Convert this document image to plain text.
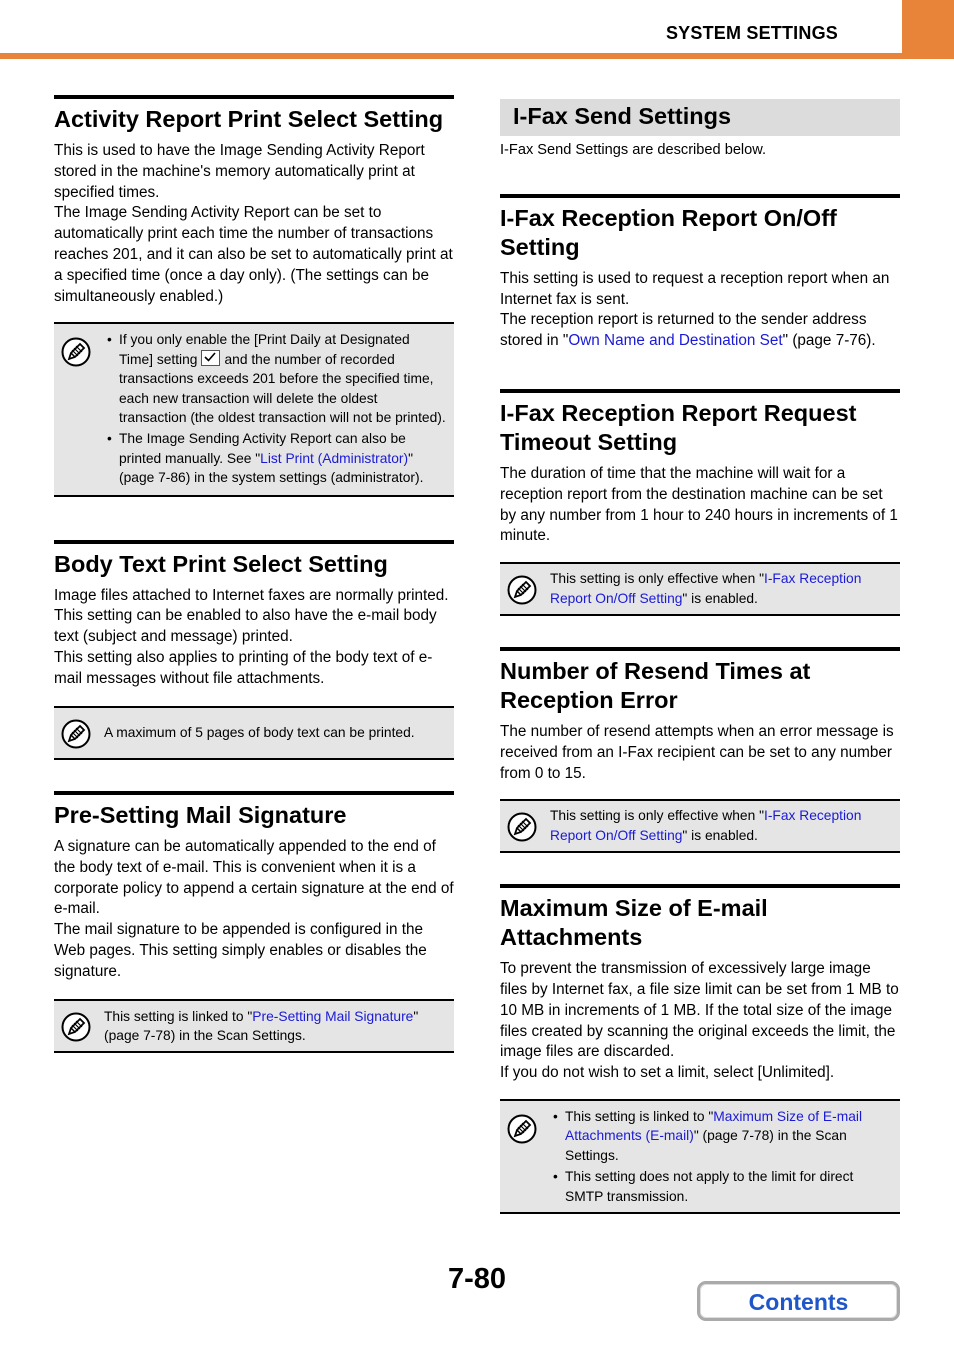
SYSTEM SETTINGS
Activity Report Print Select Setting

This is used to have the Image Sending Activity Report stored in the machine's memory automatically print at specified times.

The Image Sending Activity Report can be set to automatically print each time the number of transactions reaches 201, and it can also be set to automatically print at a specified time (once a day only). (The settings can be simultaneously enabled.)

• If you only enable the [Print Daily at Designated Time] setting and the number of recorded transactions exceeds 201 before the specified time, each new transaction will delete the oldest transaction (the oldest transaction will not be printed).
• The Image Sending Activity Report can also be printed manually. See "List Print (Administrator)" (page 7-86) in the system settings (administrator).
Body Text Print Select Setting

Image files attached to Internet faxes are normally printed. This setting can be enabled to also have the e-mail body text (subject and message) printed.

This setting also applies to printing of the body text of e-mail messages without file attachments.

A maximum of 5 pages of body text can be printed.
Pre-Setting Mail Signature

A signature can be automatically appended to the end of the body text of e-mail. This is convenient when it is a corporate policy to append a certain signature at the end of e-mail.

The mail signature to be appended is configured in the Web pages. This setting simply enables or disables the signature.

This setting is linked to "Pre-Setting Mail Signature" (page 7-78) in the Scan Settings.
I-Fax Send Settings

I-Fax Send Settings are described below.

I-Fax Reception Report On/Off Setting

This setting is used to request a reception report when an Internet fax is sent.

The reception report is returned to the sender address stored in "Own Name and Destination Set" (page 7-76).

I-Fax Reception Report Request Timeout Setting

The duration of time that the machine will wait for a reception report from the destination machine can be set by any number from 1 hour to 240 hours in increments of 1 minute.

This setting is only effective when "I-Fax Reception Report On/Off Setting" is enabled.
Number of Resend Times at Reception Error

The number of resend attempts when an error message is received from an I-Fax recipient can be set to any number from 0 to 15.

This setting is only effective when "I-Fax Reception Report On/Off Setting" is enabled.
Maximum Size of E-mail Attachments

To prevent the transmission of excessively large image files by Internet fax, a file size limit can be set from 1 MB to 10 MB in increments of 1 MB. If the total size of the image files created by scanning the original exceeds the limit, the image files are discarded.

If you do not wish to set a limit, select [Unlimited].

• This setting is linked to "Maximum Size of E-mail Attachments (E-mail)" (page 7-78) in the Scan Settings.
• This setting does not apply to the limit for direct SMTP transmission.
7-80
Contents
